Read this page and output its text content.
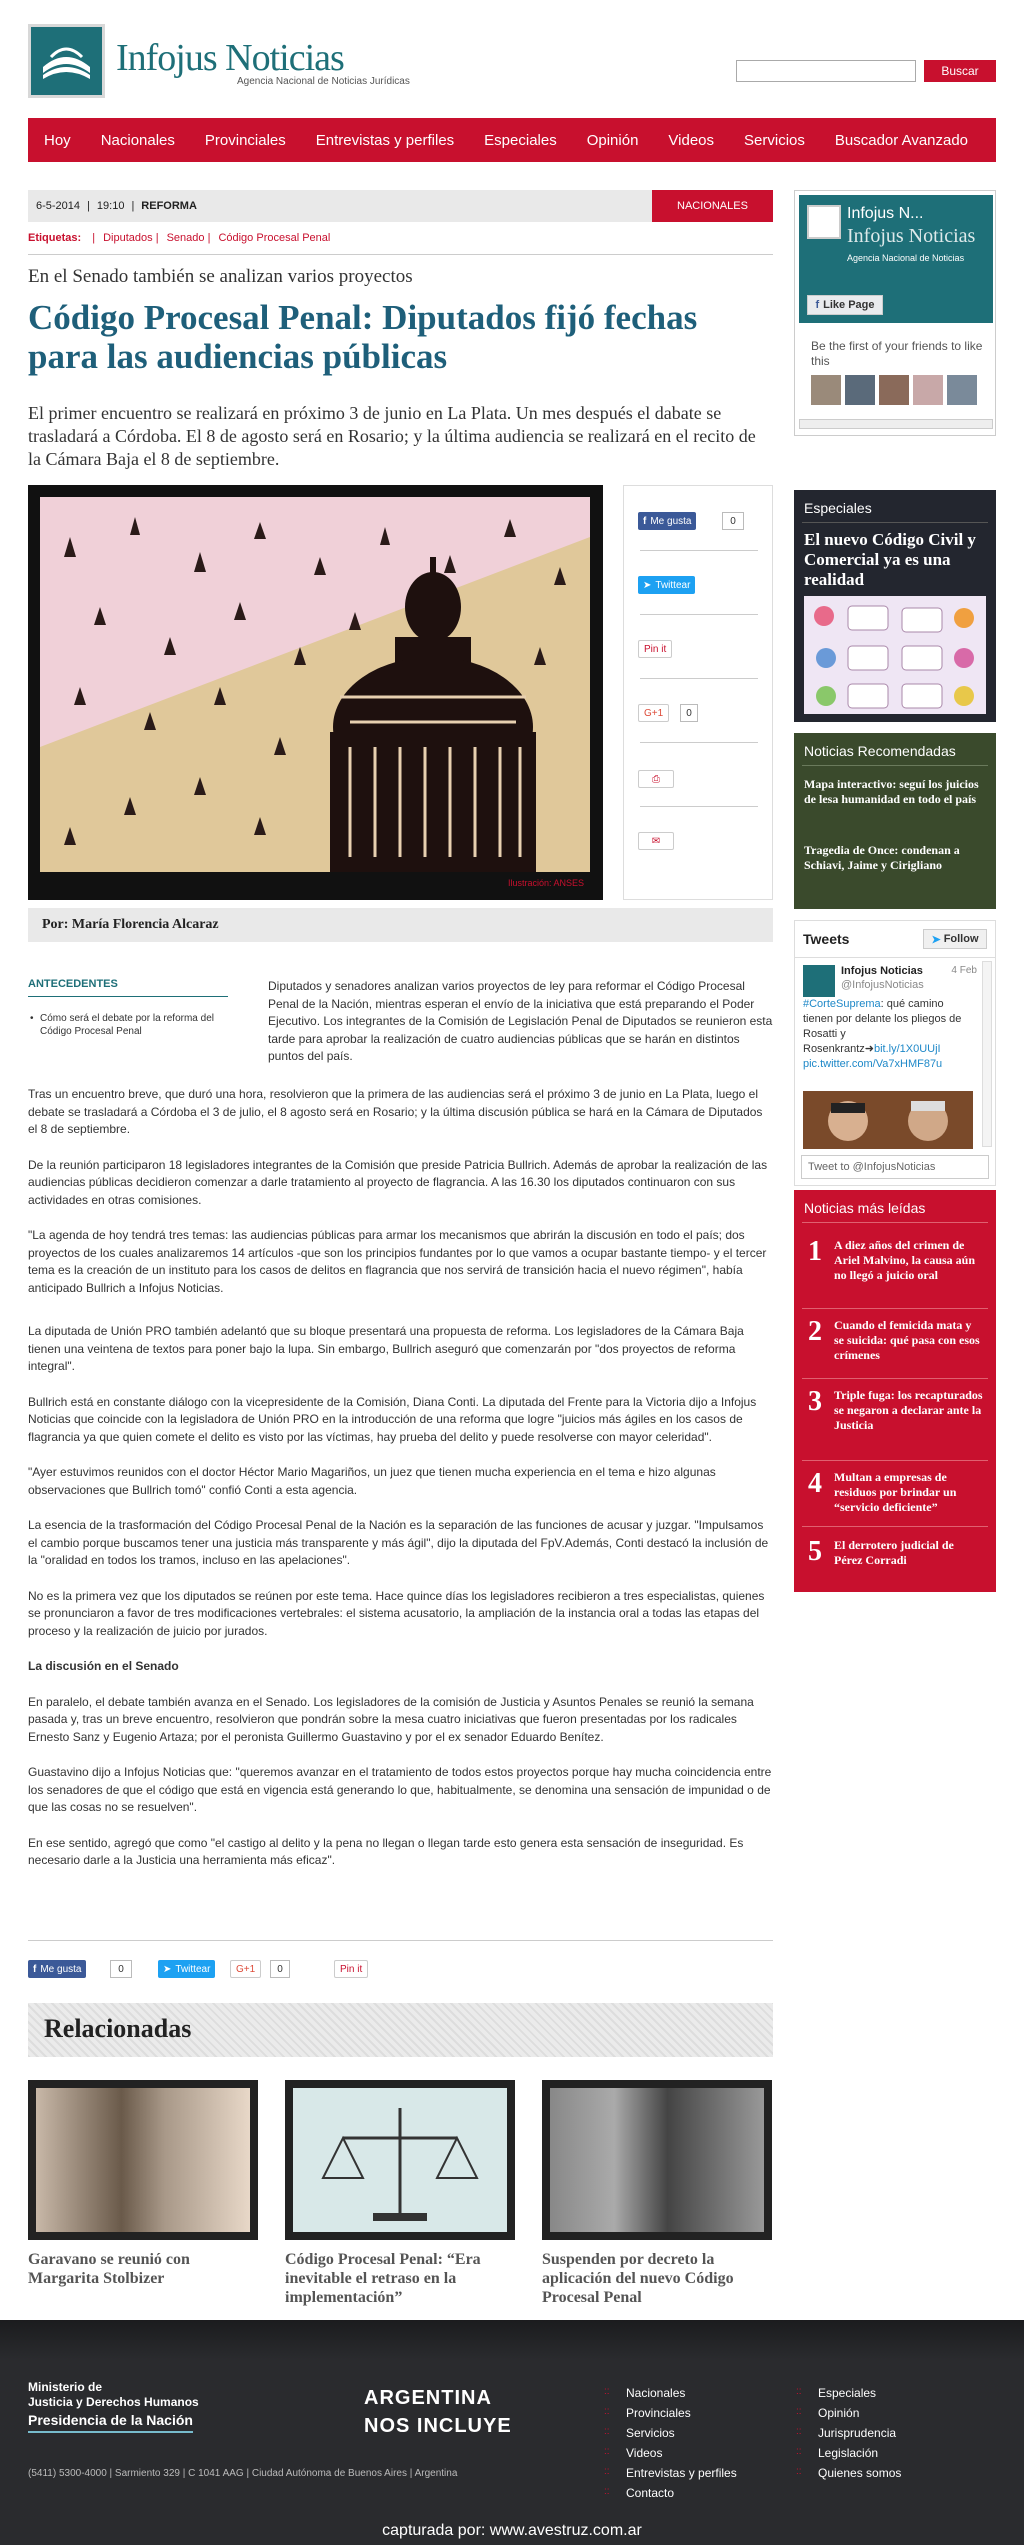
Infojus Noticias
Agencia Nacional de Noticias Jurídicas
Buscar
Hoy Nacionales Provinciales Entrevistas y perfiles Especiales Opinión Videos Servicios Buscador Avanzado
6-5-2014 | 19:10 | REFORMA	NACIONALES
Etiquetas: | Diputados | Senado | Código Procesal Penal
En el Senado también se analizan varios proyectos
Código Procesal Penal: Diputados fijó fechas para las audiencias públicas
El primer encuentro se realizará en próximo 3 de junio en La Plata. Un mes después el dabate se trasladará a Córdoba. El 8 de agosto será en Rosario; y la última audiencia se realizará en el recito de la Cámara Baja el 8 de septiembre.
Ilustración: ANSES
f Me gusta	0
➤ Twittear
Pin it
G+1	0
⎙
✉
Por: María Florencia Alcaraz
ANTECEDENTES
• Cómo será el debate por la reforma del Código Procesal Penal
Diputados y senadores analizan varios proyectos de ley para reformar el Código Procesal Penal de la Nación, mientras esperan el envío de la iniciativa que está preparando el Poder Ejecutivo. Los integrantes de la Comisión de Legislación Penal de Diputados se reunieron esta tarde para aprobar la realización de cuatro audiencias públicas que se harán en distintos puntos del país.

Tras un encuentro breve, que duró una hora, resolvieron que la primera de las audiencias será el próximo 3 de junio en La Plata, luego el debate se trasladará a Córdoba el 3 de julio, el 8 agosto será en Rosario; y la última discusión pública se hará en la Cámara de Diputados el 8 de septiembre.

De la reunión participaron 18 legisladores integrantes de la Comisión que preside Patricia Bullrich. Además de aprobar la realización de las audiencias públicas decidieron comenzar a darle tratamiento al proyecto de flagrancia. A las 16.30 los diputados continuaron con sus actividades en otras comisiones.

"La agenda de hoy tendrá tres temas: las audiencias públicas para armar los mecanismos que abrirán la discusión en todo el país; dos proyectos de los cuales analizaremos 14 artículos -que son los principios fundantes por lo que vamos a ocupar bastante tiempo- y el tercer tema es la creación de un instituto para los casos de delitos en flagrancia que nos servirá de transición hacia el nuevo régimen", había anticipado Bullrich a Infojus Noticias.

La diputada de Unión PRO también adelantó que su bloque presentará una propuesta de reforma. Los legisladores de la Cámara Baja tienen una veintena de textos para poner bajo la lupa. Sin embargo, Bullrich aseguró que comenzarán por "dos proyectos de reforma integral".

Bullrich está en constante diálogo con la vicepresidente de la Comisión, Diana Conti. La diputada del Frente para la Victoria dijo a Infojus Noticias que coincide con la legisladora de Unión PRO en la introducción de una reforma que logre "juicios más ágiles en los casos de flagrancia ya que quien comete el delito es visto por las víctimas, hay prueba del delito y puede resolverse con mayor celeridad".

"Ayer estuvimos reunidos con el doctor Héctor Mario Magariños, un juez que tienen mucha experiencia en el tema e hizo algunas observaciones que Bullrich tomó" confió Conti a esta agencia.

La esencia de la trasformación del Código Procesal Penal de la Nación es la separación de las funciones de acusar y juzgar. "Impulsamos el cambio porque buscamos tener una justicia más transparente y más ágil", dijo la diputada del FpV.Además, Conti destacó la inclusión de la "oralidad en todos los tramos, incluso en las apelaciones".

No es la primera vez que los diputados se reúnen por este tema. Hace quince días los legisladores recibieron a tres especialistas, quienes se pronunciaron a favor de tres modificaciones vertebrales: el sistema acusatorio, la ampliación de la instancia oral a todas las etapas del proceso y la realización de juicio por jurados.

La discusión en el Senado

En paralelo, el debate también avanza en el Senado. Los legisladores de la comisión de Justicia y Asuntos Penales se reunió la semana pasada y, tras un breve encuentro, resolvieron que pondrán sobre la mesa cuatro iniciativas que fueron presentadas por los radicales Ernesto Sanz y Eugenio Artaza; por el peronista Guillermo Guastavino y por el ex senador Eduardo Benítez.

Guastavino dijo a Infojus Noticias que: "queremos avanzar en el tratamiento de todos estos proyectos porque hay mucha coincidencia entre los senadores de que el código que está en vigencia está generando lo que, habitualmente, se denomina una sensación de impunidad o de que las cosas no se resuelven".

En ese sentido, agregó que como "el castigo al delito y la pena no llegan o llegan tarde esto genera esta sensación de inseguridad. Es necesario darle a la Justicia una herramienta más eficaz".

f Me gusta	0	➤ Twittear	G+1	0	Pin it
Relacionadas
Garavano se reunió con Margarita Stolbizer
Código Procesal Penal: “Era inevitable el retraso en la implementación”
Suspenden por decreto la aplicación del nuevo Código Procesal Penal
Infojus N...
Infojus Noticias
Agencia Nacional de Noticias
f Like Page
Be the first of your friends to like this
Especiales
El nuevo Código Civil y Comercial ya es una realidad
Noticias Recomendadas
Mapa interactivo: seguí los juicios de lesa humanidad en todo el país
Tragedia de Once: condenan a Schiavi, Jaime y Cirigliano
Tweets	➤ Follow
Infojus Noticias
@InfojusNoticias
4 Feb
#CorteSuprema: qué camino tienen por delante los pliegos de Rosatti y Rosenkrantz➜bit.ly/1X0UUjI
pic.twitter.com/Va7xHMF87u
Tweet to @InfojusNoticias
Noticias más leídas
1 A diez años del crimen de Ariel Malvino, la causa aún no llegó a juicio oral
2 Cuando el femicida mata y se suicida: qué pasa con esos crímenes
3 Triple fuga: los recapturados se negaron a declarar ante la Justicia
4 Multan a empresas de residuos por brindar un “servicio deficiente”
5 El derrotero judicial de Pérez Corradi
Ministerio de
Justicia y Derechos Humanos
Presidencia de la Nación
(5411) 5300-4000 | Sarmiento 329 | C 1041 AAG | Ciudad Autónoma de Buenos Aires | Argentina
ARGENTINA
NOS INCLUYE
:: Nacionales
:: Provinciales
:: Servicios
:: Videos
:: Entrevistas y perfiles
:: Contacto
:: Especiales
:: Opinión
:: Jurisprudencia
:: Legislación
:: Quienes somos
capturada por: www.avestruz.com.ar
